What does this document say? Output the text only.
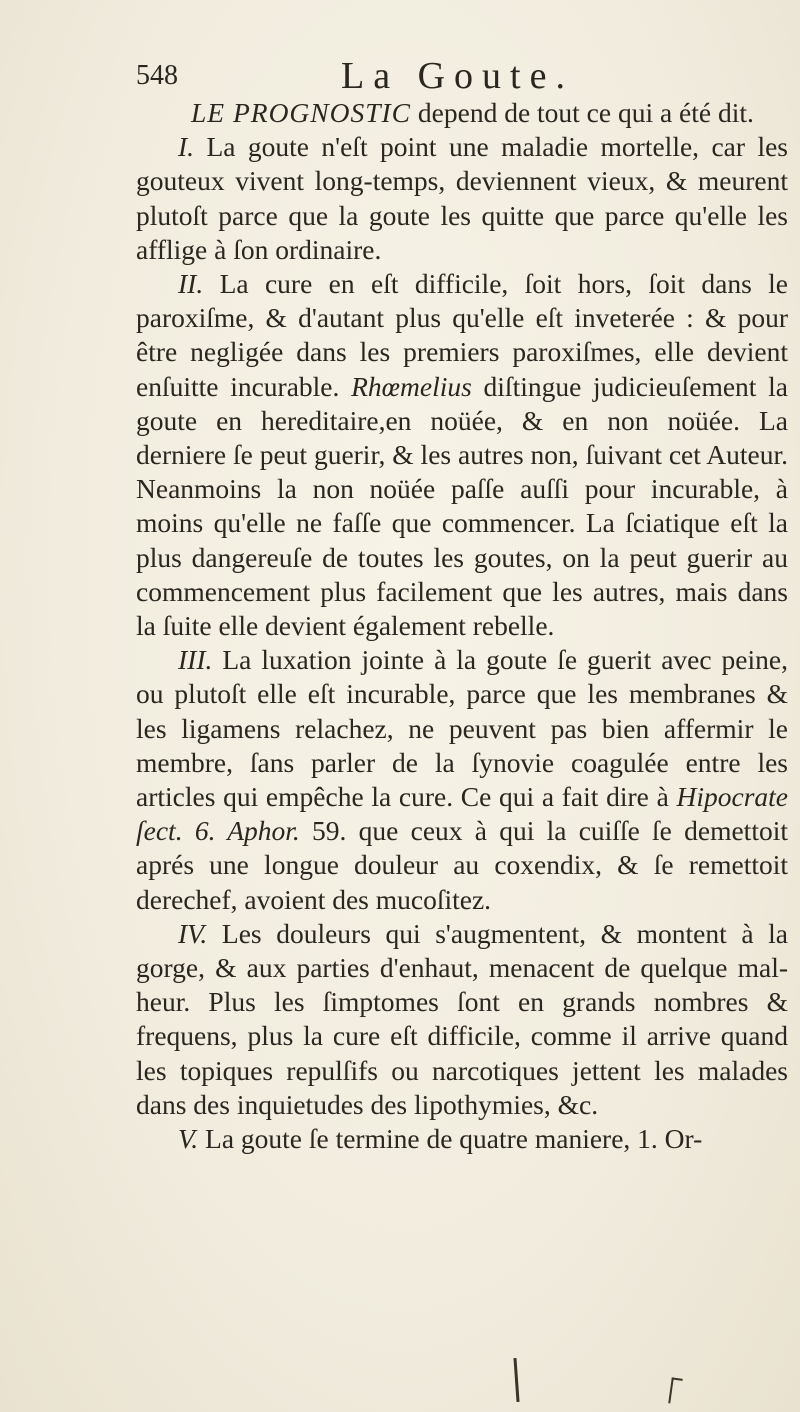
548	La Goute.

LE PROGNOSTIC depend de tout ce qui a été dit.

I. La goute n'eſt point une maladie mortelle, car les gouteux vivent long-temps, deviennent vieux, & meurent plutoſt parce que la goute les quitte que parce qu'elle les afflige à ſon ordinaire.

II. La cure en eſt difficile, ſoit hors, ſoit dans le paroxiſme, & d'autant plus qu'elle eſt inveterée : & pour être negligée dans les premiers paroxiſmes, elle devient enſuitte incurable. Rhœmelius diſtingue judicieuſement la goute en hereditaire,en noüée, & en non noüée. La derniere ſe peut guerir, & les autres non, ſuivant cet Auteur. Neanmoins la non noüée paſſe auſſi pour incurable, à moins qu'elle ne faſſe que commencer. La ſciatique eſt la plus dangereuſe de toutes les goutes, on la peut guerir au commencement plus facilement que les autres, mais dans la ſuite elle devient également rebelle.

III. La luxation jointe à la goute ſe guerit avec peine, ou plutoſt elle eſt incurable, parce que les membranes & les ligamens relachez, ne peuvent pas bien affermir le membre, ſans parler de la ſynovie coagulée entre les articles qui empêche la cure. Ce qui a fait dire à Hipocrate ſect. 6. Aphor. 59. que ceux à qui la cuiſſe ſe demettoit aprés une longue douleur au coxendix, & ſe remettoit derechef, avoient des mucoſitez.

IV. Les douleurs qui s'augmentent, & montent à la gorge, & aux parties d'enhaut, menacent de quelque mal-heur. Plus les ſimptomes ſont en grands nombres & frequens, plus la cure eſt difficile, comme il arrive quand les topiques repulſifs ou narcotiques jettent les malades dans des inquietudes des lipothymies, &c.

V. La goute ſe termine de quatre maniere, 1. Or-
